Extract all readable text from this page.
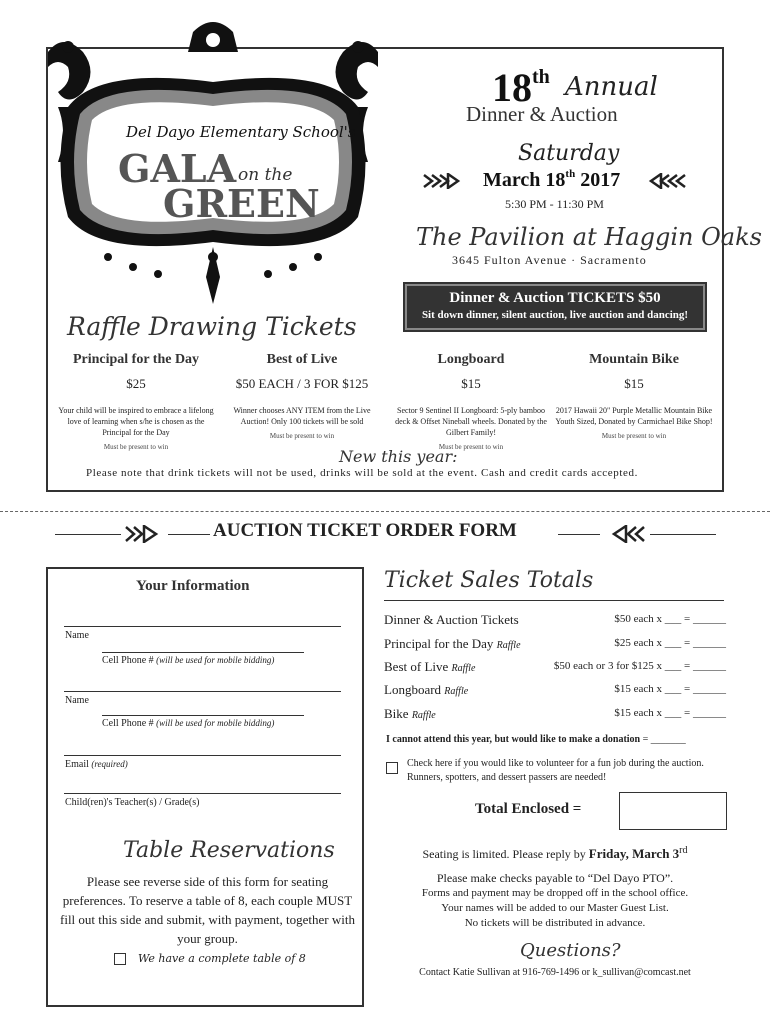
Del Dayo Elementary School's
GALA on the
GREEN
18th Annual
Dinner & Auction
Saturday
March 18th 2017
5:30 PM - 11:30 PM
The Pavilion at Haggin Oaks
3645 Fulton Avenue · Sacramento
Dinner & Auction TICKETS $50
Sit down dinner, silent auction, live auction and dancing!
Raffle Drawing Tickets
Principal for the Day
$25
Your child will be inspired to embrace a lifelong love of learning when s/he is chosen as the Principal for the Day
Must be present to win
Best of Live
$50 EACH / 3 FOR $125
Winner chooses ANY ITEM from the Live Auction! Only 100 tickets will be sold
Must be present to win
Longboard
$15
Sector 9 Sentinel II Longboard: 5-ply bamboo deck & Offset Nineball wheels. Donated by the Gilbert Family!
Must be present to win
Mountain Bike
$15
2017 Hawaii 20" Purple Metallic Mountain Bike Youth Sized, Donated by Carmichael Bike Shop!
Must be present to win
New this year:
Please note that drink tickets will not be used, drinks will be sold at the event. Cash and credit cards accepted.
AUCTION TICKET ORDER FORM
Your Information
Name
Cell Phone # (will be used for mobile bidding)
Name
Cell Phone # (will be used for mobile bidding)
Email (required)
Child(ren)'s Teacher(s) / Grade(s)
Table Reservations
Please see reverse side of this form for seating preferences. To reserve a table of 8, each couple MUST fill out this side and submit, with payment, together with your group.
We have a complete table of 8
Ticket Sales Totals
Dinner & Auction Tickets	$50 each x ___ = ______
Principal for the Day Raffle	$25 each x ___ = ______
Best of Live Raffle	$50 each or 3 for $125 x ___ = ______
Longboard Raffle	$15 each x ___ = ______
Bike Raffle	$15 each x ___ = ______
I cannot attend this year, but would like to make a donation = _______
Check here if you would like to volunteer for a fun job during the auction. Runners, spotters, and dessert passers are needed!
Total Enclosed =
Seating is limited. Please reply by Friday, March 3rd
Please make checks payable to “Del Dayo PTO”.
Forms and payment may be dropped off in the school office.
Your names will be added to our Master Guest List.
No tickets will be distributed in advance.
Questions?
Contact Katie Sullivan at 916-769-1496 or k_sullivan@comcast.net
